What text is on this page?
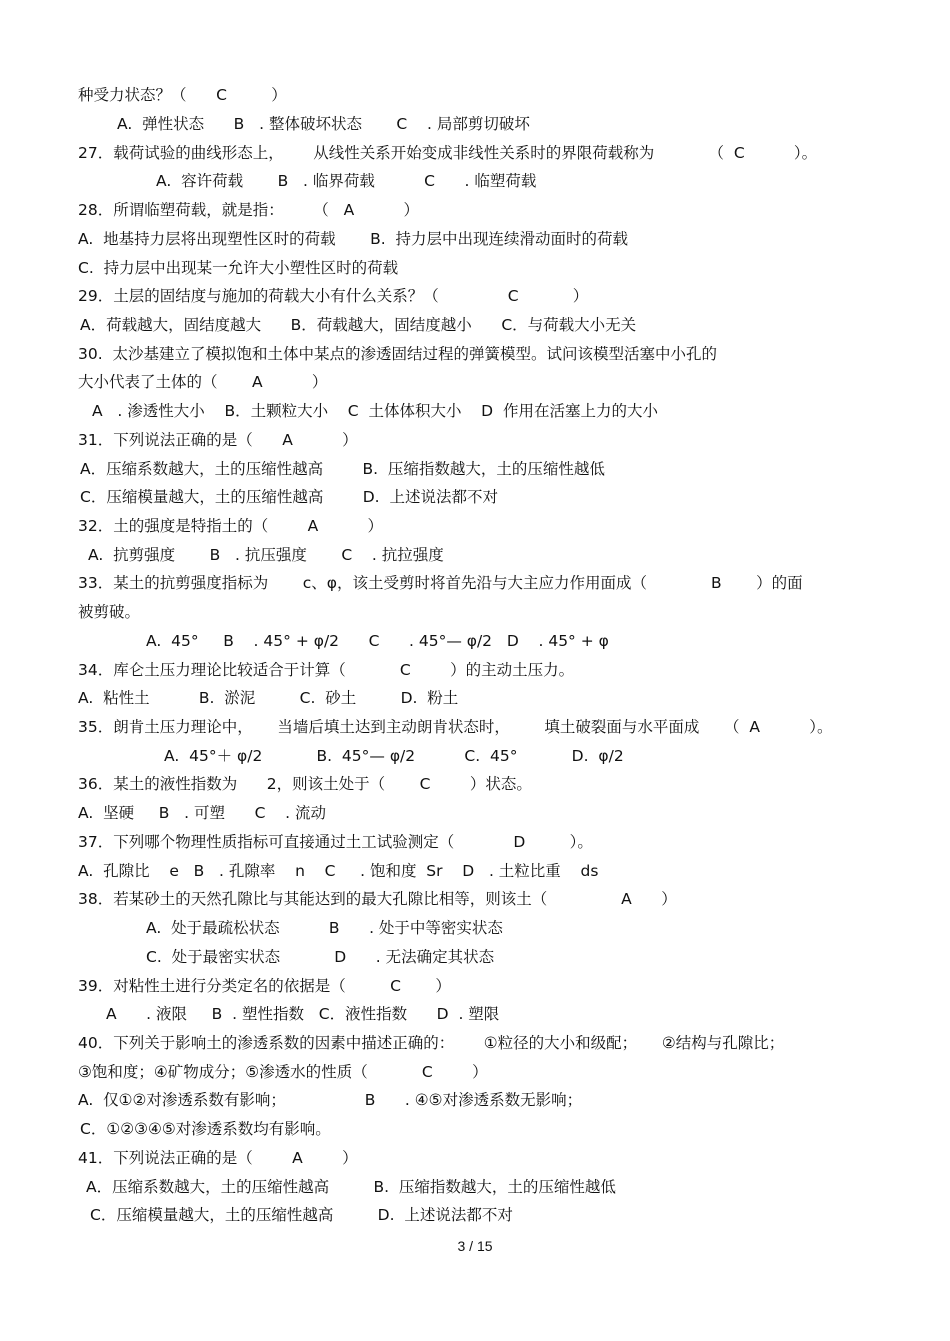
种受力状态？（      C         ）
A.  弹性状态      B   . 整体破坏状态       C    . 局部剪切破坏
27．载荷试验的曲线形态上，      从线性关系开始变成非线性关系时的界限荷载称为           （  C          ）。
A.  容许荷载       B   . 临界荷载          C      . 临塑荷载
28．所谓临塑荷载，就是指：      （   A          ）
A.  地基持力层将出现塑性区时的荷载       B.  持力层中出现连续滑动面时的荷载
C.  持力层中出现某一允许大小塑性区时的荷载
29．土层的固结度与施加的荷载大小有什么关系？（              C           ）
A．荷载越大，固结度越大      B．荷载越大，固结度越小      C．与荷载大小无关
30.  太沙基建立了模拟饱和土体中某点的渗透固结过程的弹簧模型。试问该模型活塞中小孔的
大小代表了土体的（       A          ）
A   . 渗透性大小    B．土颗粒大小    C  土体体积大小    D  作用在活塞上力的大小
31．下列说法正确的是（      A          ）
A．压缩系数越大，土的压缩性越高        B.  压缩指数越大，土的压缩性越低
C．压缩模量越大，土的压缩性越高        D.  上述说法都不对
32．土的强度是特指土的（        A          ）
A.  抗剪强度       B   . 抗压强度       C    . 抗拉强度
33．某土的抗剪强度指标为       c、φ，该土受剪时将首先沿与大主应力作用面成（             B       ）的面
被剪破。
A.  45°     B    . 45° + φ/2      C      . 45°— φ/2   D    . 45° + φ
34．库仑土压力理论比较适合于计算（           C        ）的主动土压力。
A.  粘性土          B.  淤泥         C.  砂土         D.  粉土
35．朗肯土压力理论中，     当墙后填土达到主动朗肯状态时，       填土破裂面与水平面成     （  A          ）。
A.  45°＋ φ/2           B.  45°— φ/2          C.  45°           D.  φ/2
36．某土的液性指数为      2，则该土处于（       C        ）状态。
A.  坚硬     B   . 可塑      C    . 流动
37．下列哪个物理性质指标可直接通过土工试验测定（            D         ）。
A.  孔隙比    e   B   . 孔隙率    n    C     . 饱和度  Sr    D   . 土粒比重    ds
38．若某砂土的天然孔隙比与其能达到的最大孔隙比相等，则该土（               A      ）
A.  处于最疏松状态          B      . 处于中等密实状态
C.  处于最密实状态           D      . 无法确定其状态
39．对粘性土进行分类定名的依据是（         C       ）
A      . 液限     B  . 塑性指数   C．液性指数      D  . 塑限
40．下列关于影响土的渗透系数的因素中描述正确的：      ①粒径的大小和级配；     ②结构与孔隙比；
③饱和度；④矿物成分；⑤渗透水的性质（           C        ）
A.  仅①②对渗透系数有影响；                B      . ④⑤对渗透系数无影响；
C．①②③④⑤对渗透系数均有影响。
41．下列说法正确的是（        A        ）
A．压缩系数越大，土的压缩性越高         B.  压缩指数越大，土的压缩性越低
C．压缩模量越大，土的压缩性越高         D.  上述说法都不对
3 / 15
